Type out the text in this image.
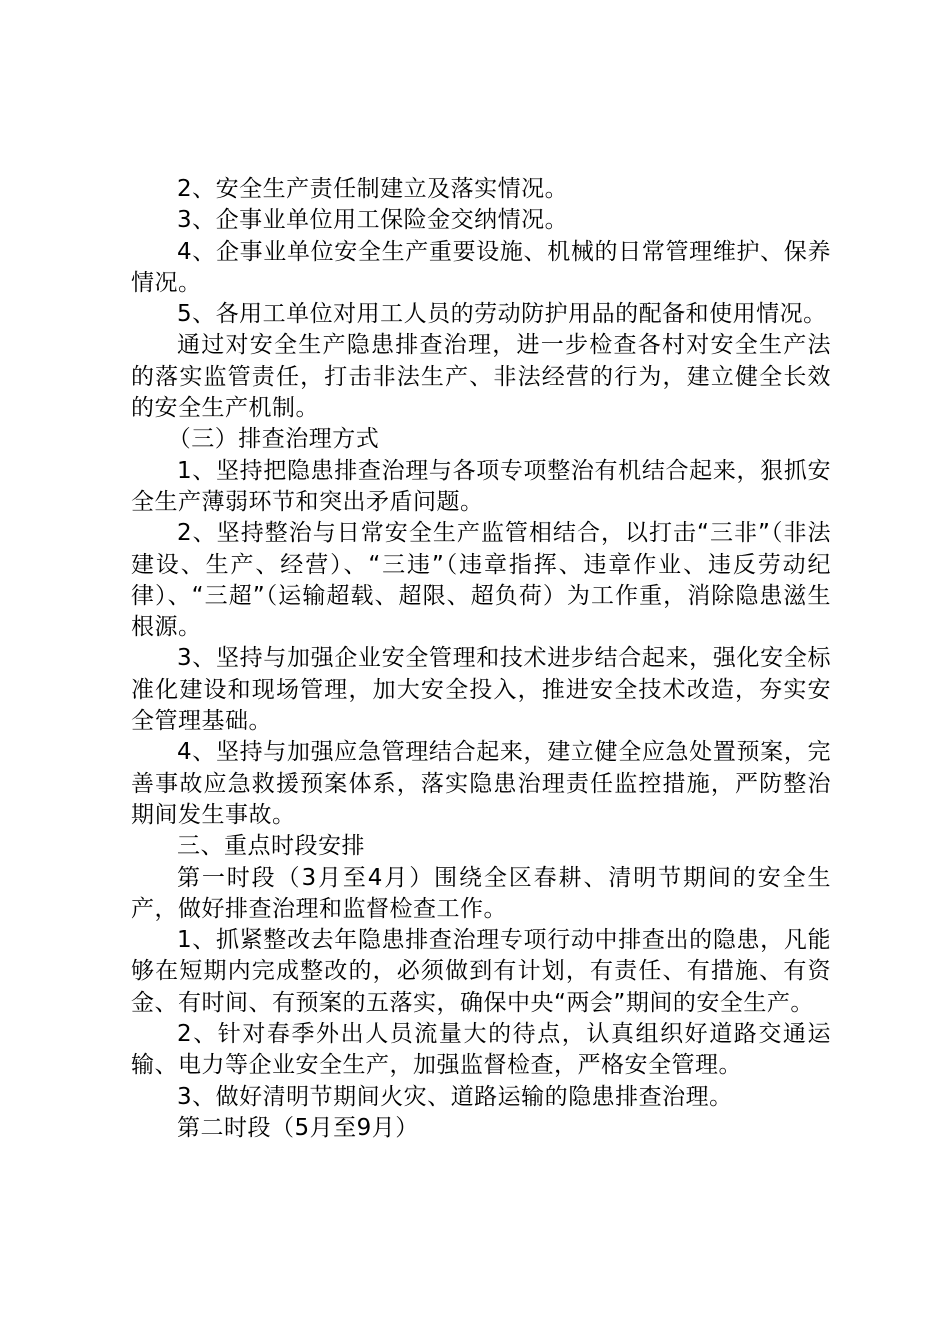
2、安全生产责任制建立及落实情况。

3、企事业单位用工保险金交纳情况。

4、企事业单位安全生产重要设施、机械的日常管理维护、保养情况。

5、各用工单位对用工人员的劳动防护用品的配备和使用情况。

通过对安全生产隐患排查治理，进一步检查各村对安全生产法的落实监管责任，打击非法生产、非法经营的行为，建立健全长效的安全生产机制。

（三）排查治理方式

1、坚持把隐患排查治理与各项专项整治有机结合起来，狠抓安全生产薄弱环节和突出矛盾问题。

2、坚持整治与日常安全生产监管相结合，以打击“三非”（非法建设、生产、经营）、“三违”（违章指挥、违章作业、违反劳动纪律）、“三超”（运输超载、超限、超负荷）为工作重，消除隐患滋生根源。

3、坚持与加强企业安全管理和技术进步结合起来，强化安全标准化建设和现场管理，加大安全投入，推进安全技术改造，夯实安全管理基础。

4、坚持与加强应急管理结合起来，建立健全应急处置预案，完善事故应急救援预案体系，落实隐患治理责任监控措施，严防整治期间发生事故。

三、重点时段安排

第一时段（3月至4月）围绕全区春耕、清明节期间的安全生产，做好排查治理和监督检查工作。

1、抓紧整改去年隐患排查治理专项行动中排查出的隐患，凡能够在短期内完成整改的，必须做到有计划，有责任、有措施、有资金、有时间、有预案的五落实，确保中央“两会”期间的安全生产。

2、针对春季外出人员流量大的待点，认真组织好道路交通运输、电力等企业安全生产，加强监督检查，严格安全管理。

3、做好清明节期间火灾、道路运输的隐患排查治理。

第二时段（5月至9月）
